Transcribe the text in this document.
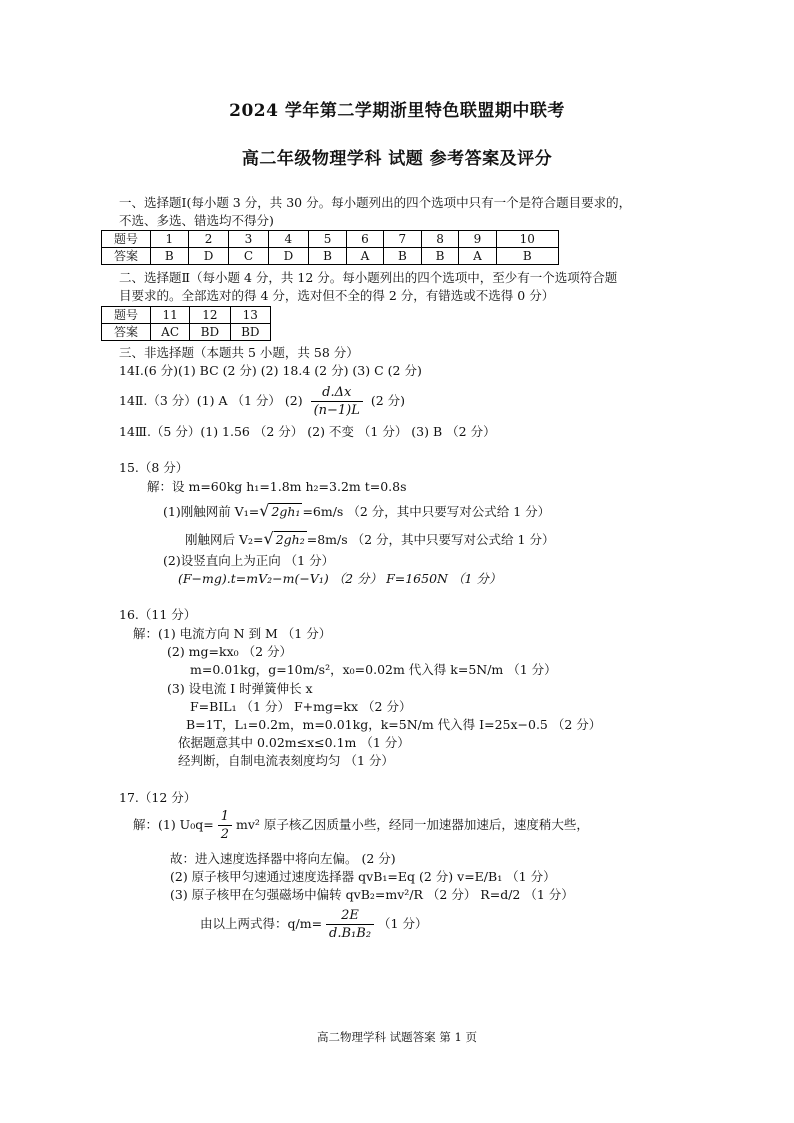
2024 学年第二学期浙里特色联盟期中联考
高二年级物理学科 试题 参考答案及评分
一、选择题Ⅰ(每小题 3 分，共 30 分。每小题列出的四个选项中只有一个是符合题目要求的，
不选、多选、错选均不得分)
题号	1	2	3	4	5	6	7	8	9	10
答案	B	D	C	D	B	A	B	B	A	B
二、选择题Ⅱ（每小题 4 分，共 12 分。每小题列出的四个选项中，至少有一个选项符合题
目要求的。全部选对的得 4 分，选对但不全的得 2 分，有错选或不选得 0 分）
题号	11	12	13
答案	AC	BD	BD
三、非选择题（本题共 5 小题，共 58 分）
14Ⅰ.(6 分)(1) BC (2 分) (2) 18.4 (2 分) (3) C (2 分)
14Ⅱ.（3 分）(1) A （1 分） $(2) \frac{d.\Delta x}{(n-1)L} (2$ 分)
14Ⅲ.（5 分）(1) 1.56 （2 分） (2) 不变 （1 分） (3) B （2 分）
15.（8 分）
解：设 m=60kg h₁=1.8m h₂=3.2m t=0.8s
(1)刚触网前 V₁=√ 2gh₁ =6m/s （2 分，其中只要写对公式给 1 分）
刚触网后 V₂=√ 2gh₂ =8m/s （2 分，其中只要写对公式给 1 分）
(2)设竖直向上为正向 （1 分）
(F−mg).t=mV₂−m(−V₁) （2 分） F=1650N （1 分）
16.（11 分）
解：(1) 电流方向 N 到 M （1 分）
(2) mg=kx₀ （2 分）
m=0.01kg，g=10m/s²，x₀=0.02m 代入得 k=5N/m （1 分）
(3) 设电流 I 时弹簧伸长 x
F=BIL₁ （1 分） F+mg=kx （2 分）
B=1T，L₁=0.2m，m=0.01kg，k=5N/m 代入得 I=25x−0.5 （2 分）
依据题意其中 0.02m≤x≤0.1m （1 分）
经判断，自制电流表刻度均匀 （1 分）
17.（12 分）
解：(1) $U_0q= \frac{1}{2} mv^2$ 原子核乙因质量小些，经同一加速器加速后，速度稍大些，
故：进入速度选择器中将向左偏。 (2 分)
(2) 原子核甲匀速通过速度选择器 qvB₁=Eq (2 分) v=E/B₁ （1 分）
(3) 原子核甲在匀强磁场中偏转 qvB₂=mv²/R （2 分） R=d/2 （1 分）
由以上两式得：$q/m= \frac{2E}{\text{d.B₁B₂}} (1$ 分）
高二物理学科 试题答案 第 1 页
